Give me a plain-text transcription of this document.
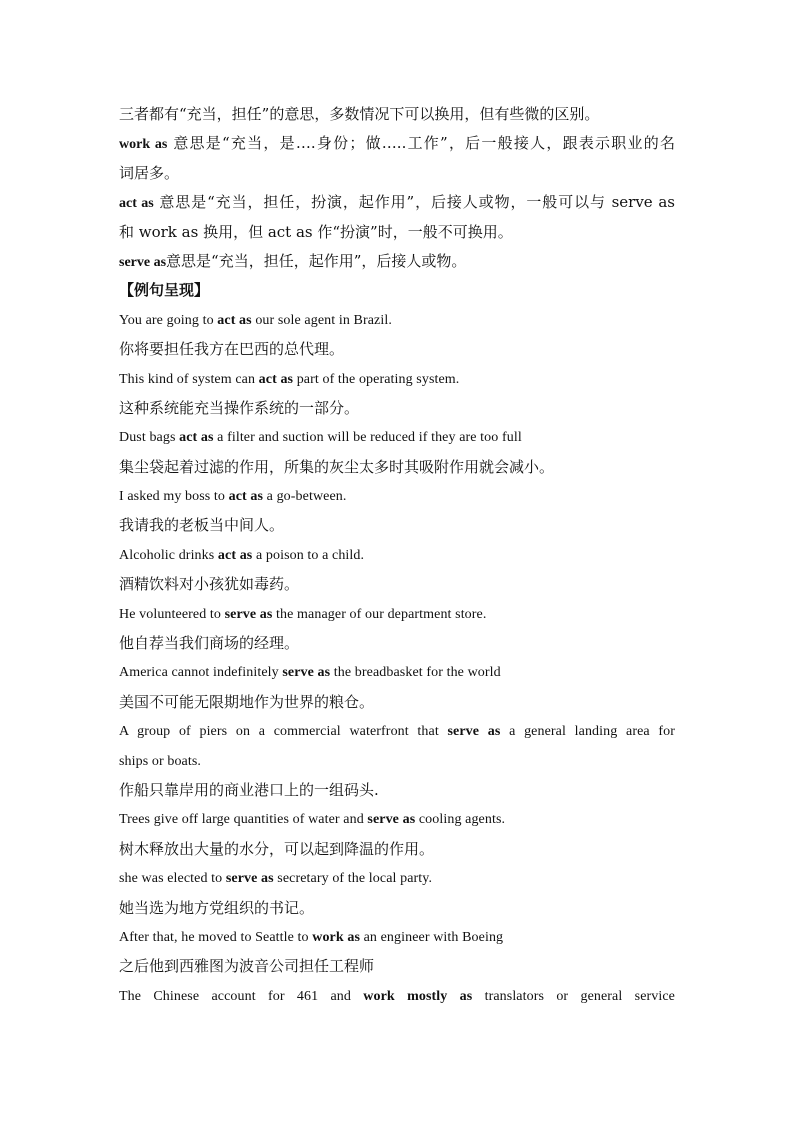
三者都有“充当，担任”的意思，多数情况下可以换用，但有些微的区别。
work as 意思是“充当，是….身份；做…..工作”，后一般接人，跟表示职业的名
词居多。
act as 意思是“充当，担任，扮演，起作用”，后接人或物，一般可以与 serve as
和 work as 换用，但 act as 作“扮演”时，一般不可换用。
serve as意思是“充当，担任，起作用”，后接人或物。
【例句呈现】
You are going to act as our sole agent in Brazil.
你将要担任我方在巴西的总代理。
This kind of system can act as part of the operating system.
这种系统能充当操作系统的一部分。
Dust bags act as a filter and suction will be reduced if they are too full
集尘袋起着过滤的作用，所集的灰尘太多时其吸附作用就会减小。
I asked my boss to act as a go-between.
我请我的老板当中间人。
Alcoholic drinks act as a poison to a child.
酒精饮料对小孩犹如毒药。
He volunteered to serve as the manager of our department store.
他自荐当我们商场的经理。
America cannot indefinitely serve as the breadbasket for the world
美国不可能无限期地作为世界的粮仓。
A group of piers on a commercial waterfront that serve as a general landing area for
ships or boats.
作船只靠岸用的商业港口上的一组码头.
Trees give off large quantities of water and serve as cooling agents.
树木释放出大量的水分，可以起到降温的作用。
she was elected to serve as secretary of the local party.
她当选为地方党组织的书记。
After that, he moved to Seattle to work as an engineer with Boeing
之后他到西雅图为波音公司担任工程师
The Chinese account for 461 and work mostly as translators or general service
